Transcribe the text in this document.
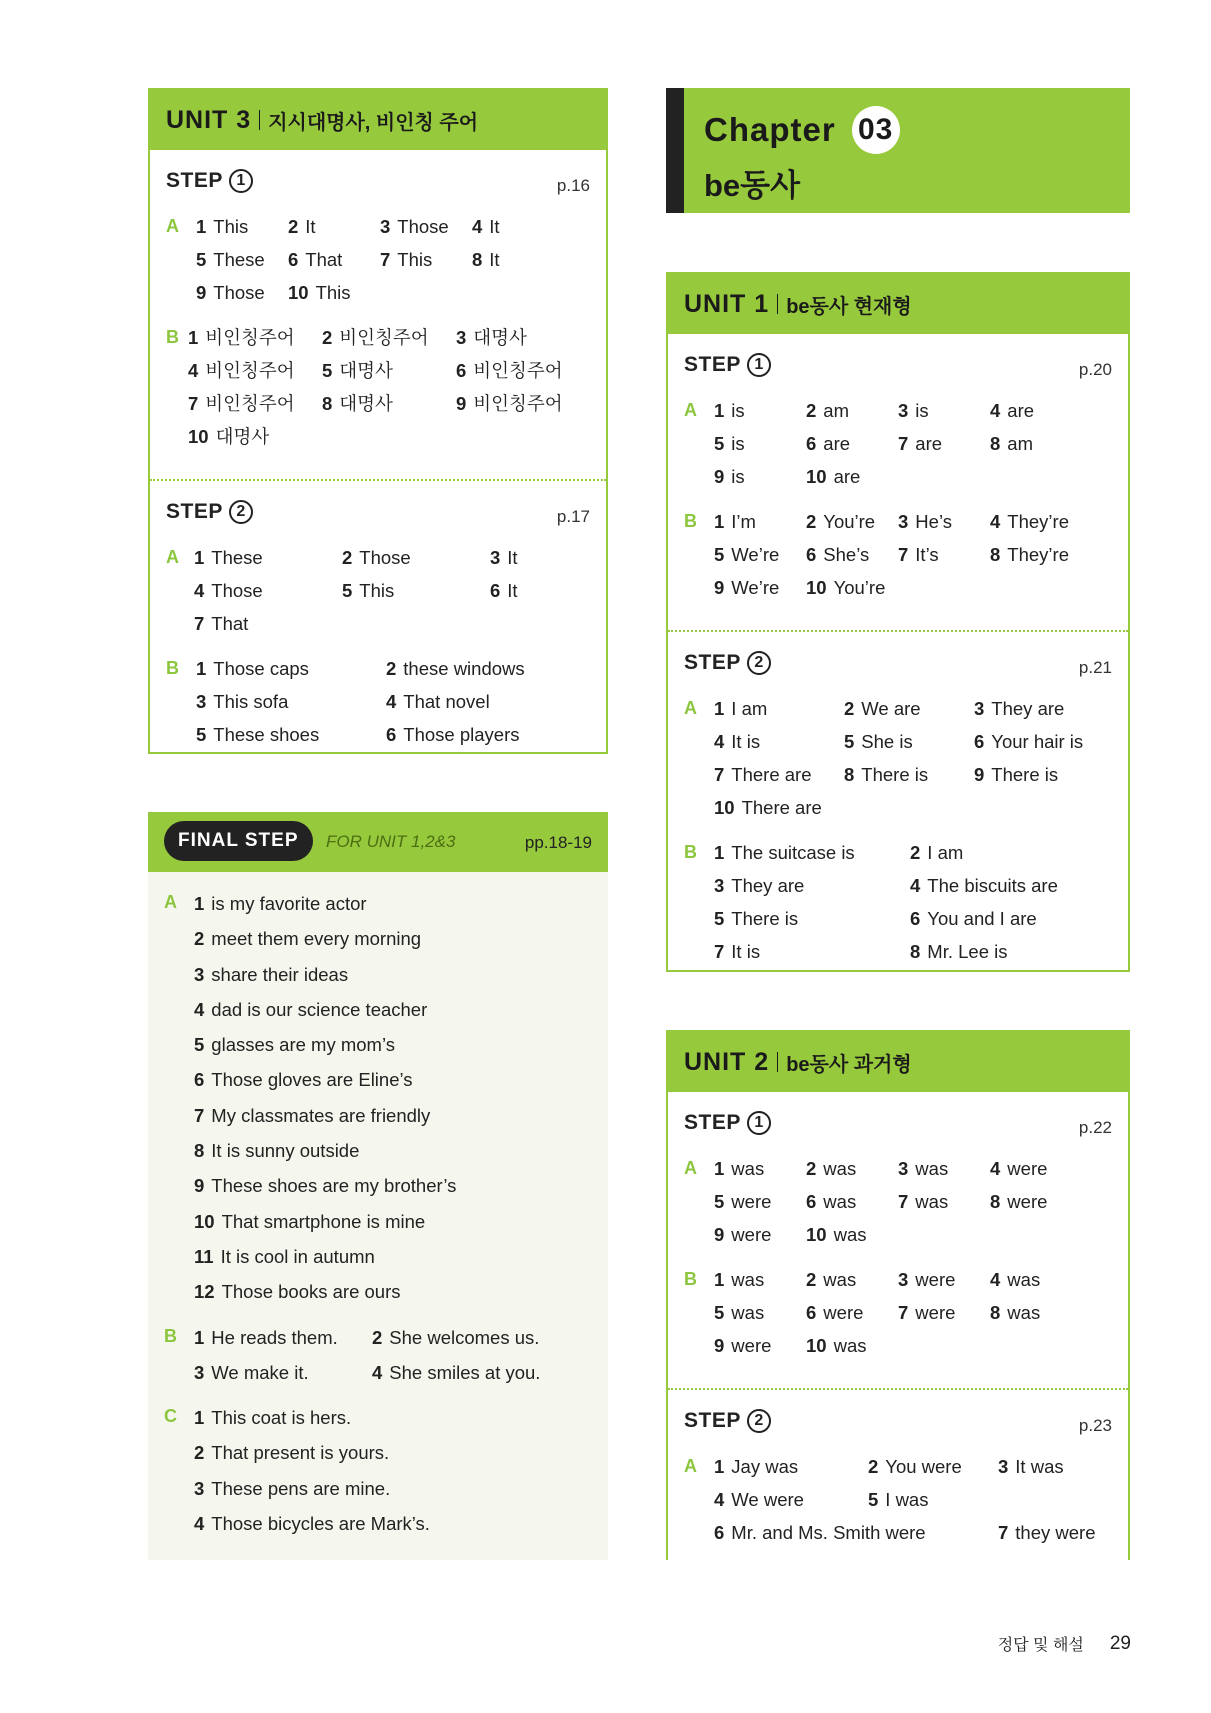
UNIT 3 지시대명사, 비인칭 주어
STEP 1	p.16
A 1 This	2 It	3 Those	4 It
5 These	6 That	7 This	8 It
9 Those	10 This
B 1 비인칭주어	2 비인칭주어	3 대명사
4 비인칭주어	5 대명사	6 비인칭주어
7 비인칭주어	8 대명사	9 비인칭주어
10 대명사
STEP 2	p.17
A 1 These	2 Those	3 It
4 Those	5 This	6 It
7 That
B 1 Those caps	2 these windows
3 This sofa	4 That novel
5 These shoes	6 Those players
FINAL STEP	FOR UNIT 1,2&3	pp.18-19
A 1 is my favorite actor
2 meet them every morning
3 share their ideas
4 dad is our science teacher
5 glasses are my mom’s
6 Those gloves are Eline’s
7 My classmates are friendly
8 It is sunny outside
9 These shoes are my brother’s
10 That smartphone is mine
11 It is cool in autumn
12 Those books are ours
B 1 He reads them.	2 She welcomes us.
3 We make it.	4 She smiles at you.
C 1 This coat is hers.
2 That present is yours.
3 These pens are mine.
4 Those bicycles are Mark’s.
Chapter 03
be동사
UNIT 1 be동사 현재형
STEP 1	p.20
A 1 is	2 am	3 is	4 are
5 is	6 are	7 are	8 am
9 is	10 are
B 1 I’m	2 You’re	3 He’s	4 They’re
5 We’re	6 She’s	7 It’s	8 They’re
9 We’re	10 You’re
STEP 2	p.21
A 1 I am	2 We are	3 They are
4 It is	5 She is	6 Your hair is
7 There are	8 There is	9 There is
10 There are
B 1 The suitcase is	2 I am
3 They are	4 The biscuits are
5 There is	6 You and I are
7 It is	8 Mr. Lee is
UNIT 2 be동사 과거형
STEP 1	p.22
A 1 was	2 was	3 was	4 were
5 were	6 was	7 was	8 were
9 were	10 was
B 1 was	2 was	3 were	4 was
5 was	6 were	7 were	8 was
9 were	10 was
STEP 2	p.23
A 1 Jay was	2 You were	3 It was
4 We were	5 I was
6 Mr. and Ms. Smith were	7 they were
정답 및 해설 29
